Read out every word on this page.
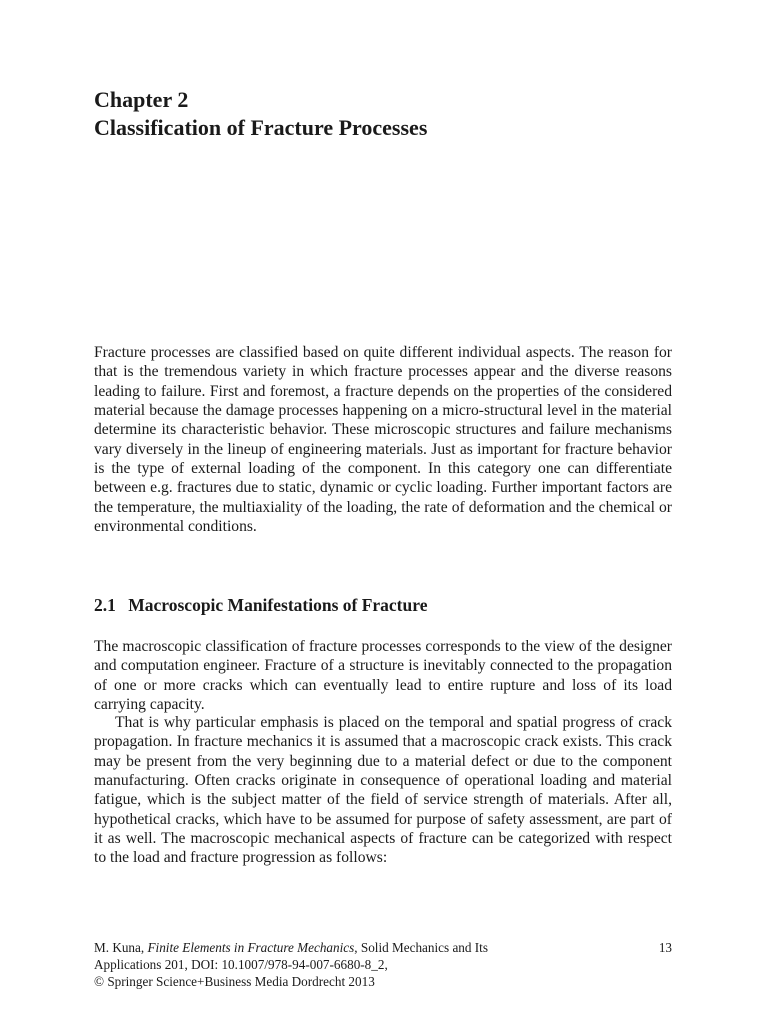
Chapter 2
Classification of Fracture Processes

Fracture processes are classified based on quite different individual aspects. The reason for that is the tremendous variety in which fracture processes appear and the diverse reasons leading to failure. First and foremost, a fracture depends on the properties of the considered material because the damage processes happening on a micro-structural level in the material determine its characteristic behavior. These microscopic structures and failure mechanisms vary diversely in the lineup of engineering materials. Just as important for fracture behavior is the type of external loading of the component. In this category one can differentiate between e.g. fractures due to static, dynamic or cyclic loading. Further important factors are the temperature, the multiaxiality of the loading, the rate of deformation and the chemical or environmental conditions.

2.1 Macroscopic Manifestations of Fracture

The macroscopic classification of fracture processes corresponds to the view of the designer and computation engineer. Fracture of a structure is inevitably connected to the propagation of one or more cracks which can eventually lead to entire rupture and loss of its load carrying capacity.

That is why particular emphasis is placed on the temporal and spatial progress of crack propagation. In fracture mechanics it is assumed that a macroscopic crack exists. This crack may be present from the very beginning due to a material defect or due to the component manufacturing. Often cracks originate in consequence of operational loading and material fatigue, which is the subject matter of the field of service strength of materials. After all, hypothetical cracks, which have to be assumed for purpose of safety assessment, are part of it as well. The macroscopic mechanical aspects of fracture can be categorized with respect to the load and fracture progression as follows:

M. Kuna, Finite Elements in Fracture Mechanics, Solid Mechanics and Its
Applications 201, DOI: 10.1007/978-94-007-6680-8_2,
© Springer Science+Business Media Dordrecht 2013
13
